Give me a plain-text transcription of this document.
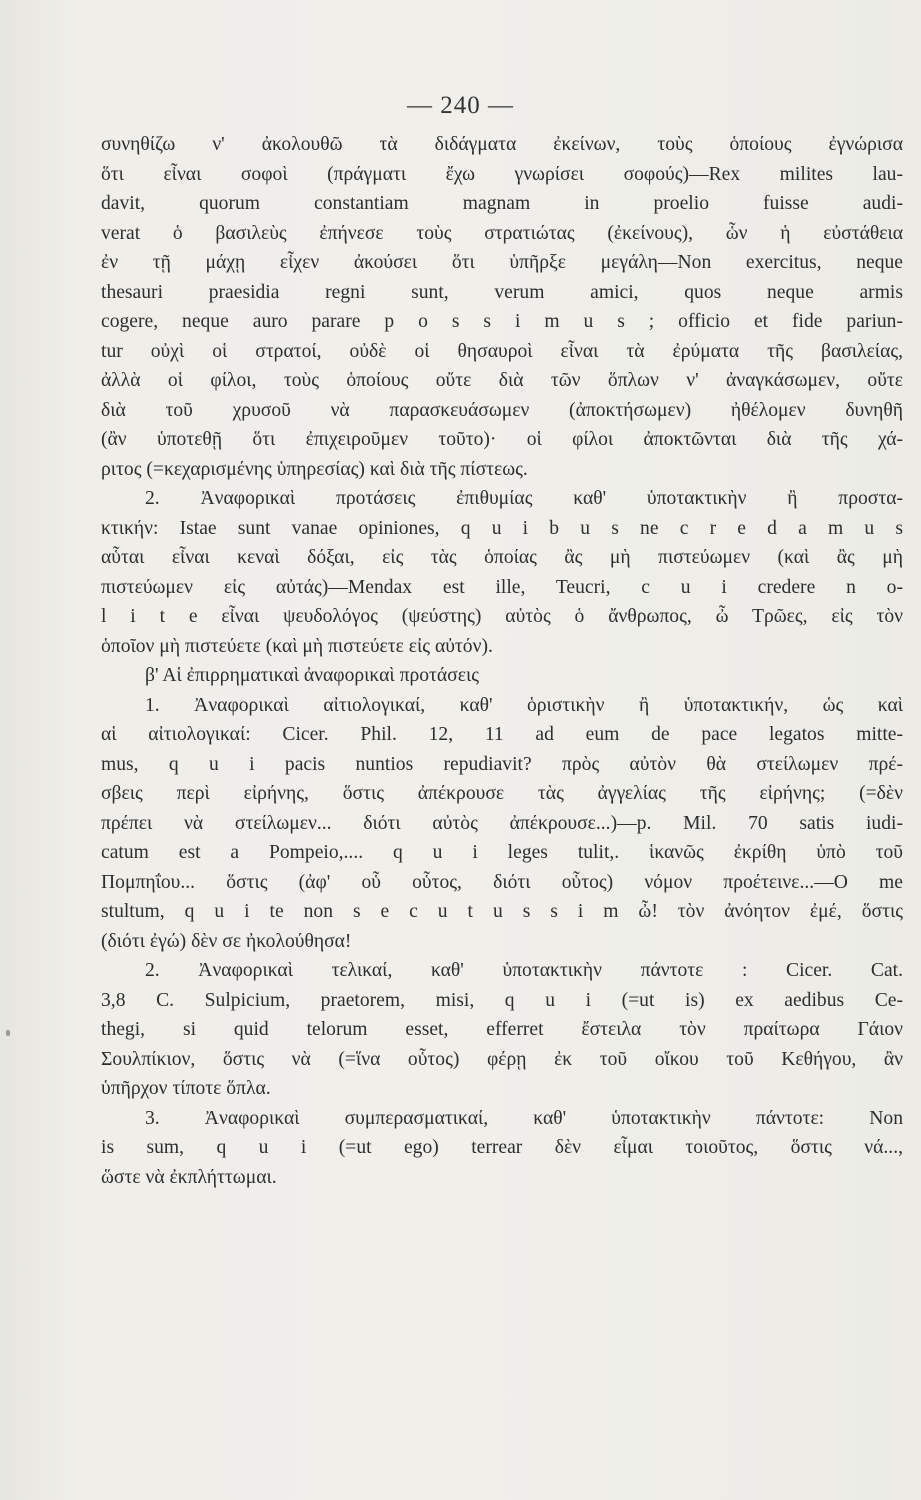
— 240 —
συνηθίζω ν' ἀκολουθῶ τὰ διδάγματα ἐκείνων, τοὺς ὁποίους ἐγνώρισα
ὅτι εἶναι σοφοὶ (πράγματι ἔχω γνωρίσει σοφούς)—Rex milites lau-
davit, quorum constantiam magnam in proelio fuisse audi-
verat ὁ βασιλεὺς ἐπήνεσε τοὺς στρατιώτας (ἐκείνους), ὧν ἡ εὐστάθεια
ἐν τῇ μάχῃ εἶχεν ἀκούσει ὅτι ὑπῆρξε μεγάλη—Non exercitus, neque
thesauri praesidia regni sunt, verum amici, quos neque armis
cogere, neque auro parare p o s s i m u s ; officio et fide pariun-
tur οὐχὶ οἱ στρατοί, οὐδὲ οἱ θησαυροὶ εἶναι τὰ ἐρύματα τῆς βασιλείας,
ἀλλὰ οἱ φίλοι, τοὺς ὁποίους οὔτε διὰ τῶν ὅπλων ν' ἀναγκάσωμεν, οὔτε
διὰ τοῦ χρυσοῦ νὰ παρασκευάσωμεν (ἀποκτήσωμεν) ἠθέλομεν δυνηθῆ
(ἂν ὑποτεθῇ ὅτι ἐπιχειροῦμεν τοῦτο)· οἱ φίλοι ἀποκτῶνται διὰ τῆς χά-
ριτος (=κεχαρισμένης ὑπηρεσίας) καὶ διὰ τῆς πίστεως.
2. Ἀναφορικαὶ προτάσεις ἐπιθυμίας καθ' ὑποτακτικὴν ἢ προστα-
κτικήν: Istae sunt vanae opiniones, q u i b u s ne c r e d a m u s
αὗται εἶναι κεναὶ δόξαι, εἰς τὰς ὁποίας ἂς μὴ πιστεύωμεν (καὶ ἂς μὴ
πιστεύωμεν εἰς αὐτάς)—Mendax est ille, Teucri, c u i credere n o-
l i t e εἶναι ψευδολόγος (ψεύστης) αὐτὸς ὁ ἄνθρωπος, ὦ Τρῶες, εἰς τὸν
ὁποῖον μὴ πιστεύετε (καὶ μὴ πιστεύετε εἰς αὐτόν).
β' Αἱ ἐπιρρηματικαὶ ἀναφορικαὶ προτάσεις
1. Ἀναφορικαὶ αἰτιολογικαί, καθ' ὁριστικὴν ἢ ὑποτακτικήν, ὡς καὶ
αἱ αἰτιολογικαί: Cicer. Phil. 12, 11 ad eum de pace legatos mitte-
mus, q u i pacis nuntios repudiavit? πρὸς αὐτὸν θὰ στείλωμεν πρέ-
σβεις περὶ εἰρήνης, ὅστις ἀπέκρουσε τὰς ἀγγελίας τῆς εἰρήνης; (=δὲν
πρέπει νὰ στείλωμεν... διότι αὐτὸς ἀπέκρουσε...)—p. Mil. 70 satis iudi-
catum est a Pompeio,.... q u i leges tulit,. ἱκανῶς ἐκρίθη ὑπὸ τοῦ
Πομπηΐου... ὅστις (ἀφ' οὗ οὗτος, διότι οὗτος) νόμον προέτεινε...—O me
stultum, q u i te non s e c u t u s s i m ὦ! τὸν ἀνόητον ἐμέ, ὅστις
(διότι ἐγώ) δὲν σε ἠκολούθησα!
2. Ἀναφορικαὶ τελικαί, καθ' ὑποτακτικὴν πάντοτε : Cicer. Cat.
3,8 C. Sulpicium, praetorem, misi, q u i (=ut is) ex aedibus Ce-
thegi, si quid telorum esset, efferret ἔστειλα τὸν πραίτωρα Γάιον
Σουλπίκιον, ὅστις νὰ (=ἵνα οὗτος) φέρῃ ἐκ τοῦ οἴκου τοῦ Κεθήγου, ἂν
ὑπῆρχον τίποτε ὅπλα.
3. Ἀναφορικαὶ συμπερασματικαί, καθ' ὑποτακτικὴν πάντοτε: Non
is sum, q u i (=ut ego) terrear δὲν εἶμαι τοιοῦτος, ὅστις νά...,
ὥστε νὰ ἐκπλήττωμαι.
